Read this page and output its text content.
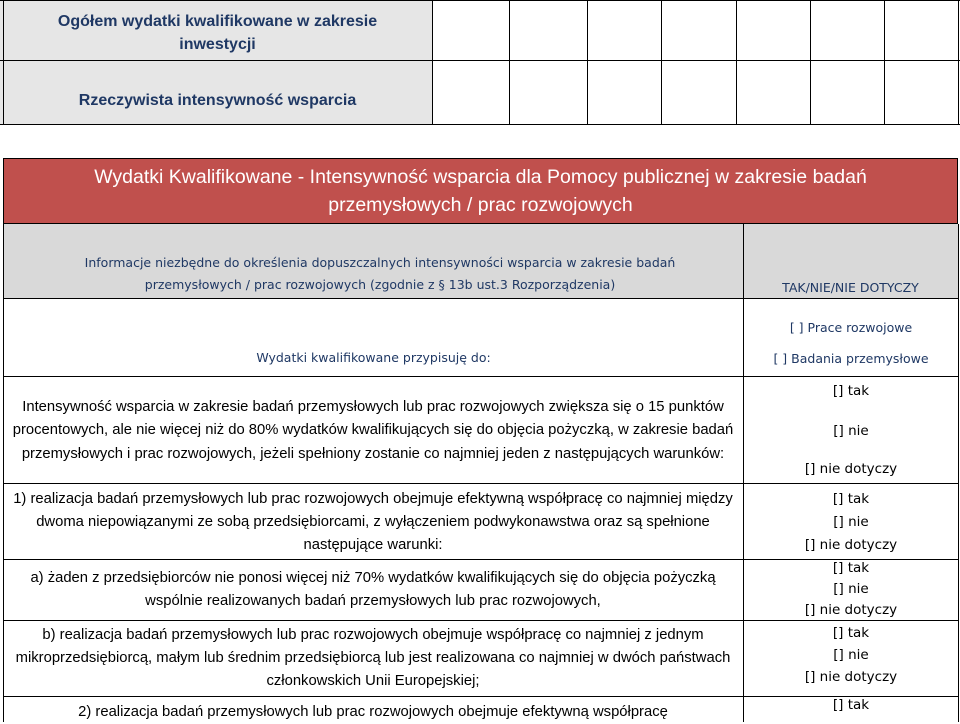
Ogółem wydatki kwalifikowane w zakresie inwestycji
Rzeczywista intensywność wsparcia
Wydatki Kwalifikowane - Intensywność wsparcia dla Pomocy publicznej w zakresie badań przemysłowych / prac rozwojowych
Informacje niezbędne do określenia dopuszczalnych intensywności wsparcia w zakresie badań przemysłowych / prac rozwojowych (zgodnie z § 13b ust.3 Rozporządzenia)	TAK/NIE/NIE DOTYCZY
Wydatki kwalifikowane przypisuję do:
[ ] Prace rozwojowe
[ ] Badania przemysłowe
Intensywność wsparcia w zakresie badań przemysłowych lub prac rozwojowych zwiększa się o 15 punktów procentowych, ale nie więcej niż do 80% wydatków kwalifikujących się do objęcia pożyczką, w zakresie badań przemysłowych i prac rozwojowych, jeżeli spełniony zostanie co najmniej jeden z następujących warunków:
[] tak
[] nie
[] nie dotyczy
1) realizacja badań przemysłowych lub prac rozwojowych obejmuje efektywną współpracę co najmniej między dwoma niepowiązanymi ze sobą przedsiębiorcami, z wyłączeniem podwykonawstwa oraz są spełnione następujące warunki:
[] tak
[] nie
[] nie dotyczy
a) żaden z przedsiębiorców nie ponosi więcej niż 70% wydatków kwalifikujących się do objęcia pożyczką wspólnie realizowanych badań przemysłowych lub prac rozwojowych,
[] tak
[] nie
[] nie dotyczy
b) realizacja badań przemysłowych lub prac rozwojowych obejmuje współpracę co najmniej z jednym mikroprzedsiębiorcą, małym lub średnim przedsiębiorcą lub jest realizowana co najmniej w dwóch państwach członkowskich Unii Europejskiej;
[] tak
[] nie
[] nie dotyczy
2) realizacja badań przemysłowych lub prac rozwojowych obejmuje efektywną współpracę	[] tak
